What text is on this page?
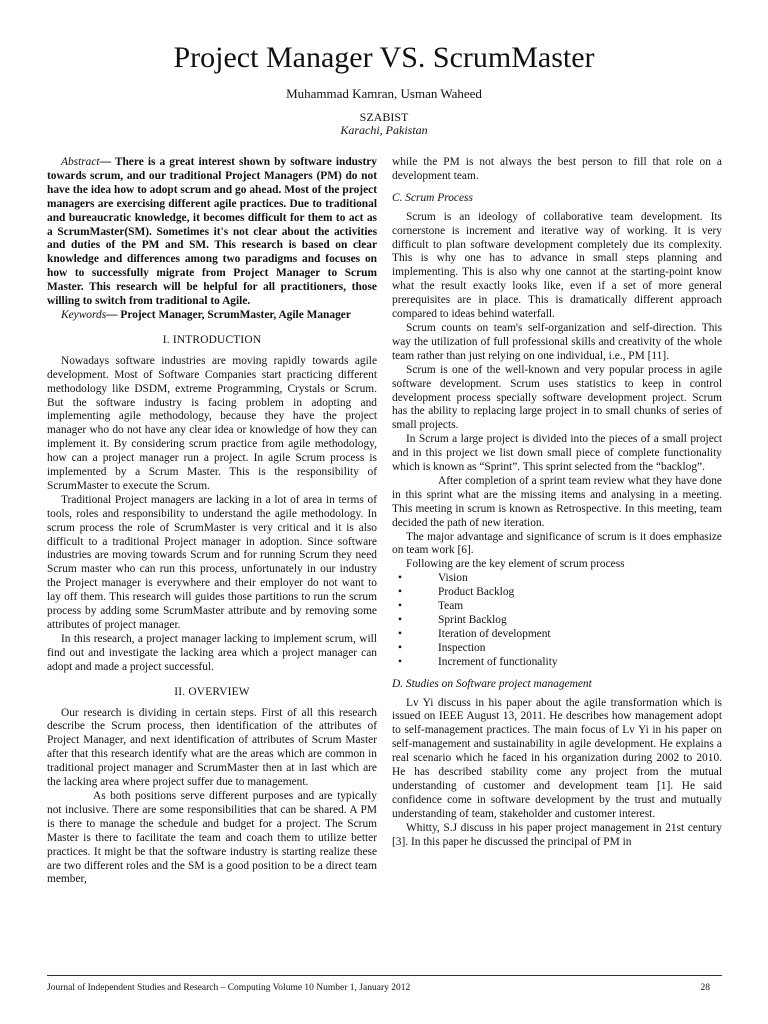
Project Manager VS. ScrumMaster
Muhammad Kamran, Usman Waheed
SZABIST
Karachi, Pakistan

Abstract— There is a great interest shown by software industry towards scrum, and our traditional Project Managers (PM) do not have the idea how to adopt scrum and go ahead. Most of the project managers are exercising different agile practices. Due to traditional and bureaucratic knowledge, it becomes difficult for them to act as a ScrumMaster(SM). Sometimes it's not clear about the activities and duties of the PM and SM. This research is based on clear knowledge and differences among two paradigms and focuses on how to successfully migrate from Project Manager to Scrum Master. This research will be helpful for all practitioners, those willing to switch from traditional to Agile.

Keywords— Project Manager, ScrumMaster, Agile Manager

I. INTRODUCTION

Nowadays software industries are moving rapidly towards agile development. Most of Software Companies start practicing different methodology like DSDM, extreme Programming, Crystals or Scrum. But the software industry is facing problem in adopting and implementing agile methodology, because they have the project manager who do not have any clear idea or knowledge of how they can implement it. By considering scrum practice from agile methodology, how can a project manager run a project. In agile Scrum process is implemented by a Scrum Master. This is the responsibility of ScrumMaster to execute the Scrum.

Traditional Project managers are lacking in a lot of area in terms of tools, roles and responsibility to understand the agile methodology. In scrum process the role of ScrumMaster is very critical and it is also difficult to a traditional Project manager in adoption. Since software industries are moving towards Scrum and for running Scrum they need Scrum master who can run this process, unfortunately in our industry the Project manager is everywhere and their employer do not want to lay off them. This research will guides those partitions to run the scrum process by adding some ScrumMaster attribute and by removing some attributes of project manager.

In this research, a project manager lacking to implement scrum, will find out and investigate the lacking area which a project manager can adopt and made a project successful.

II. OVERVIEW

Our research is dividing in certain steps. First of all this research describe the Scrum process, then identification of the attributes of Project Manager, and next identification of attributes of Scrum Master after that this research identify what are the areas which are common in traditional project manager and ScrumMaster then at in last which are the lacking area where project suffer due to management.

As both positions serve different purposes and are typically not inclusive. There are some responsibilities that can be shared. A PM is there to manage the schedule and budget for a project. The Scrum Master is there to facilitate the team and coach them to utilize better practices. It might be that the software industry is starting realize these are two different roles and the SM is a good position to be a direct team member,

while the PM is not always the best person to fill that role on a development team.

C. Scrum Process

Scrum is an ideology of collaborative team development. Its cornerstone is increment and iterative way of working. It is very difficult to plan software development completely due its complexity. This is why one has to advance in small steps planning and implementing. This is also why one cannot at the starting-point know what the result exactly looks like, even if a set of more general prerequisites are in place. This is dramatically different approach compared to ideas behind waterfall.

Scrum counts on team's self-organization and self-direction. This way the utilization of full professional skills and creativity of the whole team rather than just relying on one individual, i.e., PM [11].

Scrum is one of the well-known and very popular process in agile software development. Scrum uses statistics to keep in control development process specially software development project. Scrum has the ability to replacing large project in to small chunks of series of small projects.

In Scrum a large project is divided into the pieces of a small project and in this project we list down small piece of complete functionality which is known as “Sprint”. This sprint selected from the “backlog”.

After completion of a sprint team review what they have done in this sprint what are the missing items and analysing in a meeting. This meeting in scrum is known as Retrospective. In this meeting, team decided the path of new iteration.

The major advantage and significance of scrum is it does emphasize on team work [6].

Following are the key element of scrum process

• Vision
• Product Backlog
• Team
• Sprint Backlog
• Iteration of development
• Inspection
• Increment of functionality
D. Studies on Software project management

Lv Yi discuss in his paper about the agile transformation which is issued on IEEE August 13, 2011. He describes how management adopt to self-management practices. The main focus of Lv Yi in his paper on self-management and sustainability in agile development. He explains a real scenario which he faced in his organization during 2002 to 2010. He has described stability come any project from the mutual understanding of customer and development team [1]. He said confidence come in software development by the trust and mutually understanding of team, stakeholder and customer interest.

Whitty, S.J discuss in his paper project management in 21st century [3]. In this paper he discussed the principal of PM in

Journal of Independent Studies and Research – Computing Volume 10 Number 1, January 2012	28
